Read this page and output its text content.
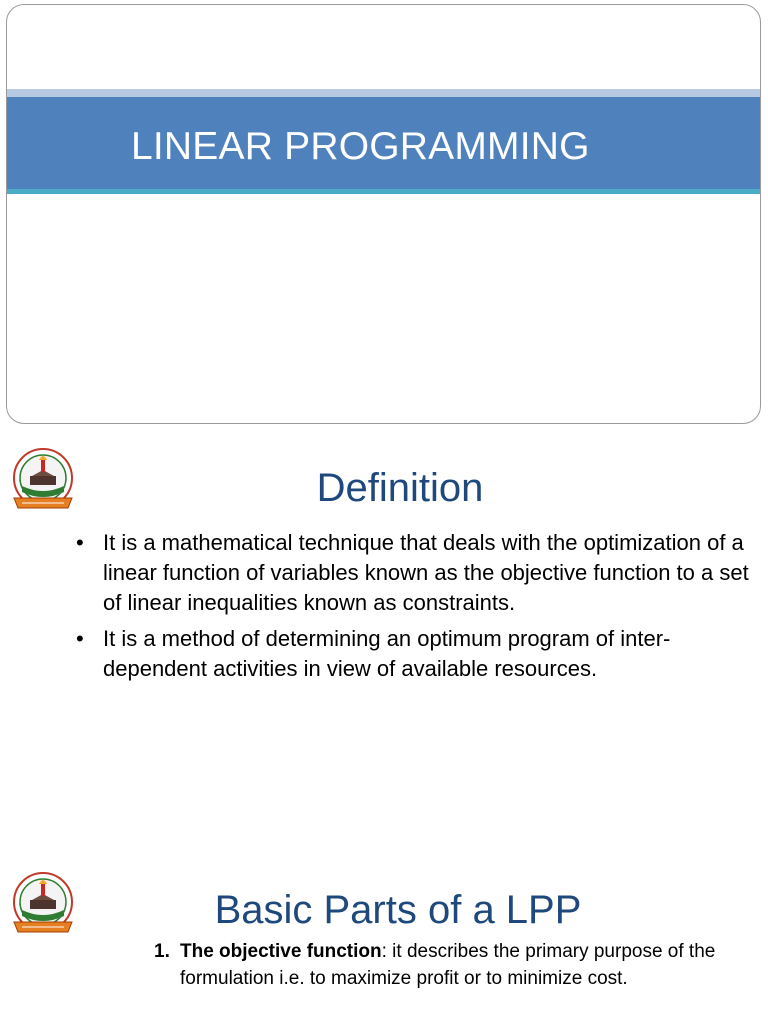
LINEAR PROGRAMMING
Definition
• It is a mathematical technique that deals with the optimization of a linear function of variables known as the objective function to a set of linear inequalities known as constraints.
• It is a method of determining an optimum program of inter-dependent activities in view of available resources.
Basic Parts of a LPP
1. The objective function: it describes the primary purpose of the formulation i.e. to maximize profit or to minimize cost.
